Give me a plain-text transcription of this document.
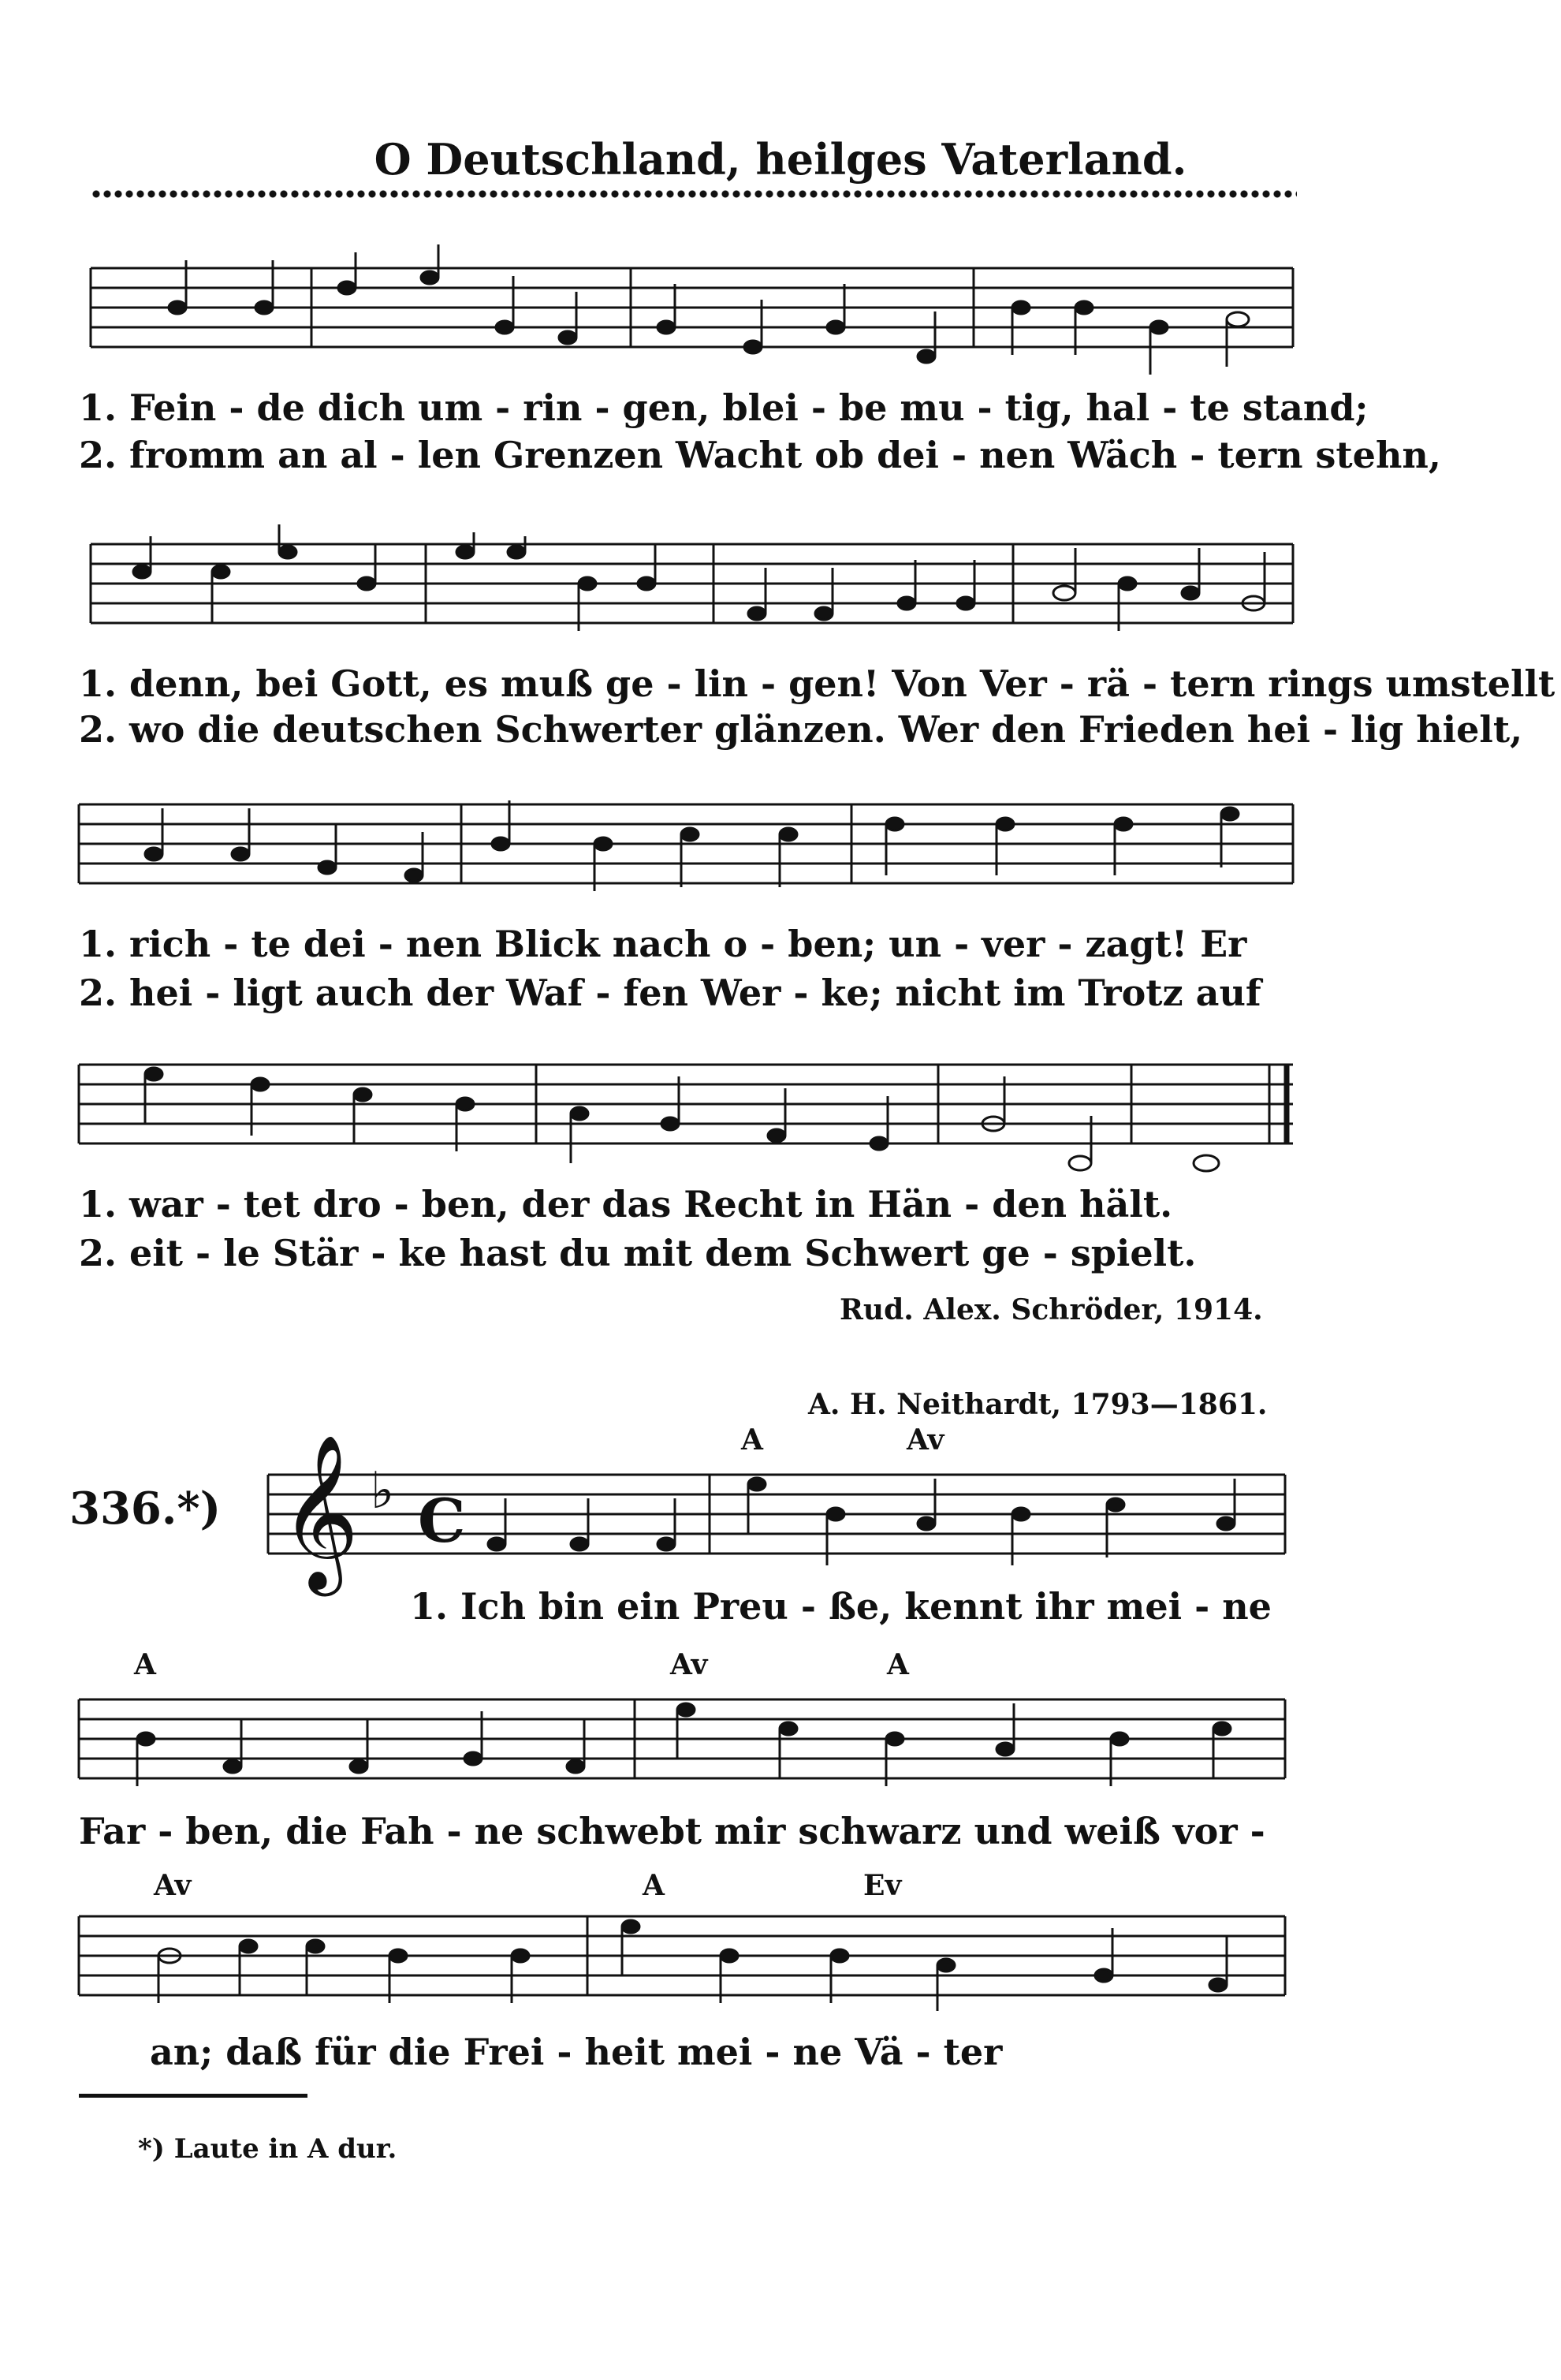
O Deutschland, heilges Vaterland.
𝄞 ♭ C
1. Fein - de dich um - rin - gen, blei - be mu - tig, hal - te stand;
2. fromm an al - len Grenzen Wacht ob dei - nen Wäch - tern stehn,
1. denn, bei Gott, es muß ge - lin - gen! Von Ver - rä - tern rings umstellt
2. wo die deutschen Schwerter glänzen. Wer den Frieden hei - lig hielt,
1. rich - te dei - nen Blick nach o - ben; un - ver - zagt! Er
2. hei - ligt auch der Waf - fen Wer - ke; nicht im Trotz auf
1. war - tet dro - ben, der das Recht in Hän - den hält.
2. eit - le Stär - ke hast du mit dem Schwert ge - spielt.
Rud. Alex. Schröder, 1914.
A. H. Neithardt, 1793—1861.
336.*)
A	Av
1. Ich bin ein Preu - ße, kennt ihr mei - ne
A	Av	A
Far - ben, die Fah - ne schwebt mir schwarz und weiß vor -
Av	A	Ev
an; daß für die Frei - heit mei - ne Vä - ter
*) Laute in A dur.
